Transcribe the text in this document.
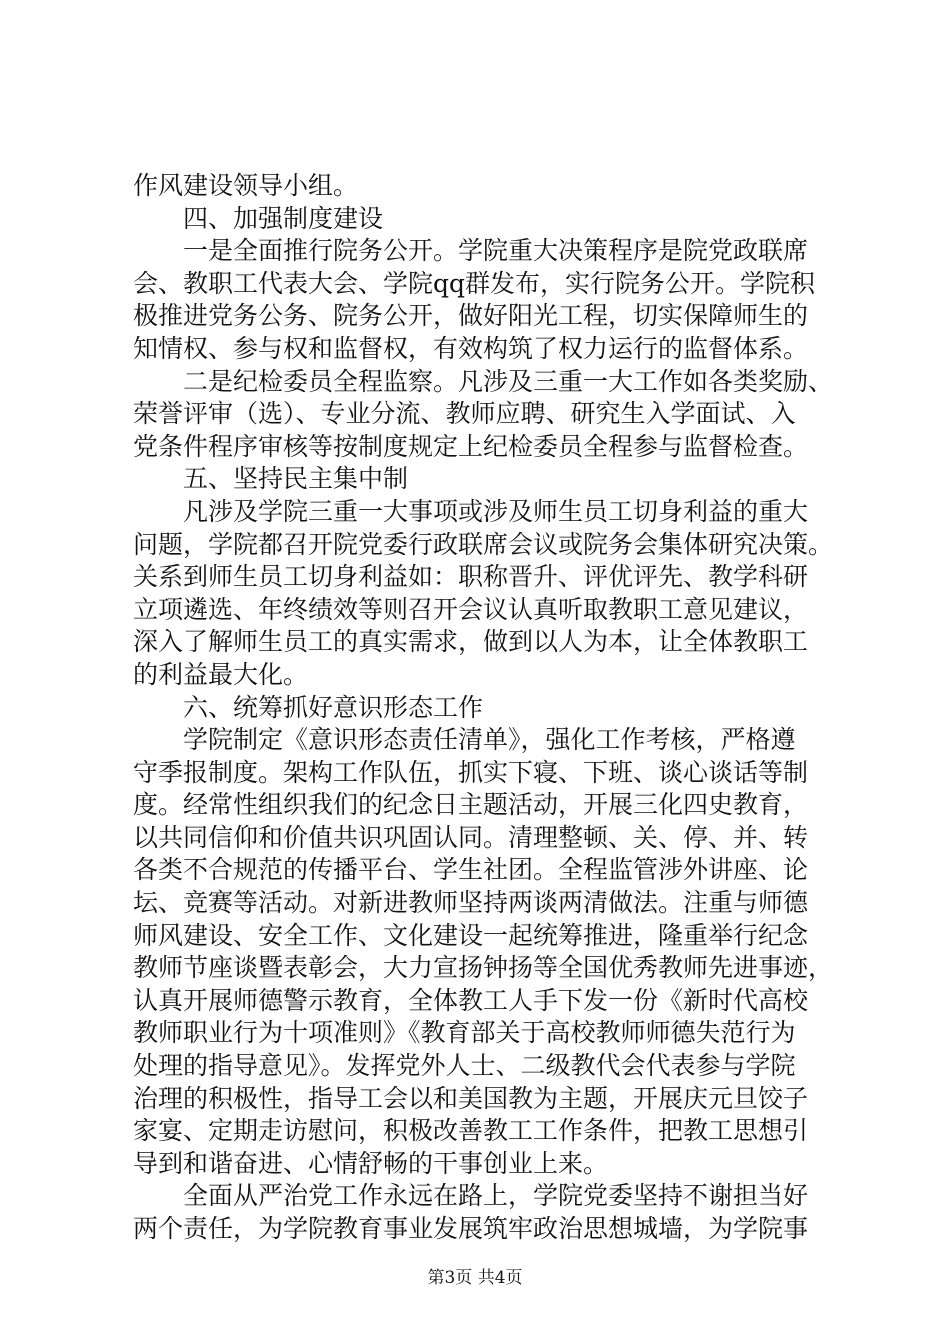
作风建设领导小组。
四、加强制度建设
一是全面推行院务公开。学院重大决策程序是院党政联席
会、教职工代表大会、学院qq群发布，实行院务公开。学院积
极推进党务公务、院务公开，做好阳光工程，切实保障师生的
知情权、参与权和监督权，有效构筑了权力运行的监督体系。
二是纪检委员全程监察。凡涉及三重一大工作如各类奖励、
荣誉评审（选）、专业分流、教师应聘、研究生入学面试、入
党条件程序审核等按制度规定上纪检委员全程参与监督检查。
五、坚持民主集中制
凡涉及学院三重一大事项或涉及师生员工切身利益的重大
问题，学院都召开院党委行政联席会议或院务会集体研究决策。
关系到师生员工切身利益如：职称晋升、评优评先、教学科研
立项遴选、年终绩效等则召开会议认真听取教职工意见建议，
深入了解师生员工的真实需求，做到以人为本，让全体教职工
的利益最大化。
六、统筹抓好意识形态工作
学院制定《意识形态责任清单》，强化工作考核，严格遵
守季报制度。架构工作队伍，抓实下寝、下班、谈心谈话等制
度。经常性组织我们的纪念日主题活动，开展三化四史教育，
以共同信仰和价值共识巩固认同。清理整顿、关、停、并、转
各类不合规范的传播平台、学生社团。全程监管涉外讲座、论
坛、竞赛等活动。对新进教师坚持两谈两清做法。注重与师德
师风建设、安全工作、文化建设一起统筹推进，隆重举行纪念
教师节座谈暨表彰会，大力宣扬钟扬等全国优秀教师先进事迹，
认真开展师德警示教育，全体教工人手下发一份《新时代高校
教师职业行为十项准则》《教育部关于高校教师师德失范行为
处理的指导意见》。发挥党外人士、二级教代会代表参与学院
治理的积极性，指导工会以和美国教为主题，开展庆元旦饺子
家宴、定期走访慰问，积极改善教工工作条件，把教工思想引
导到和谐奋进、心情舒畅的干事创业上来。
全面从严治党工作永远在路上，学院党委坚持不谢担当好
两个责任，为学院教育事业发展筑牢政治思想城墙，为学院事
第3页 共4页
